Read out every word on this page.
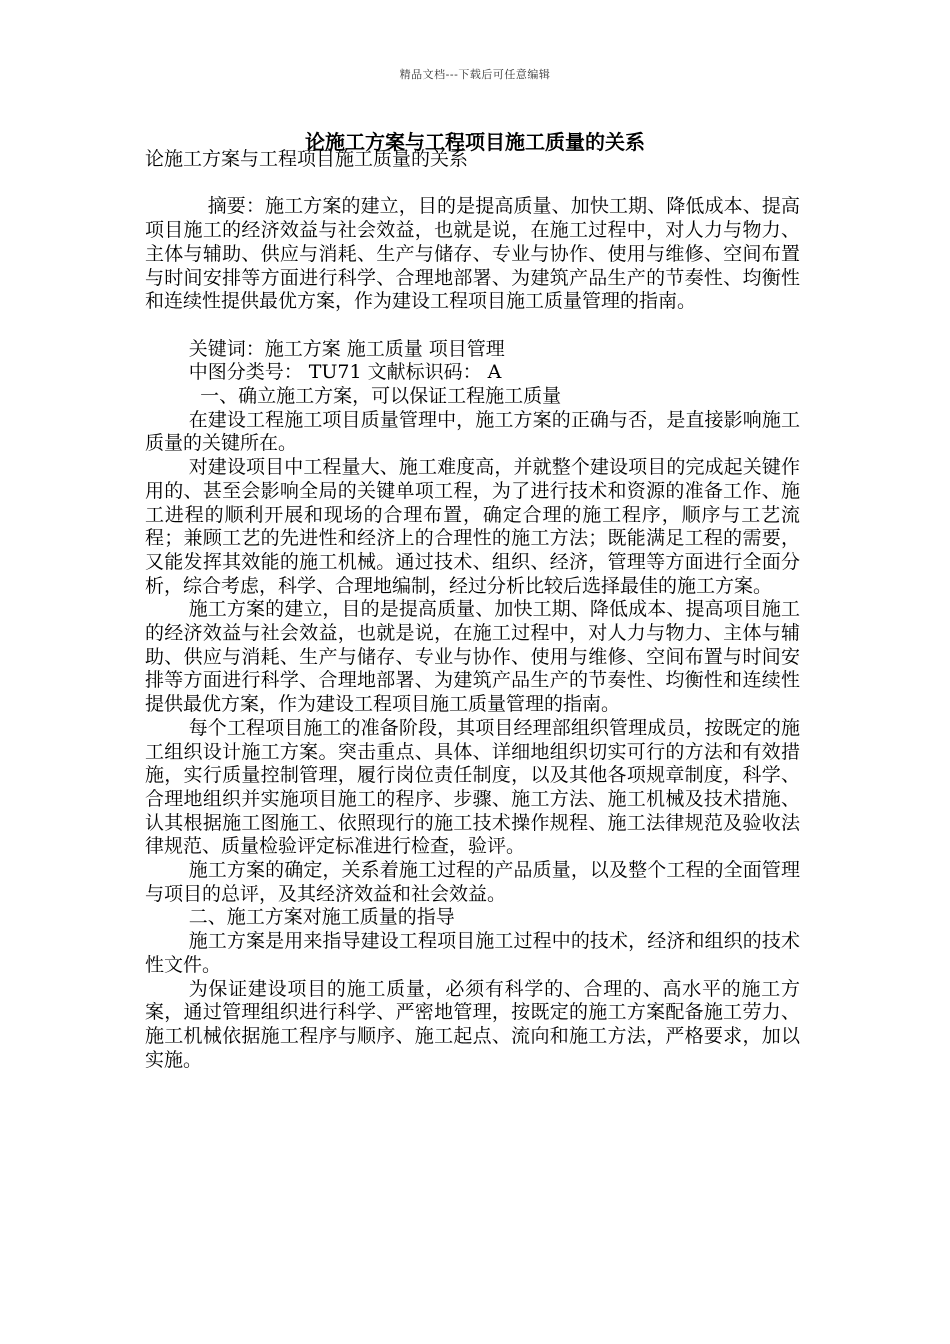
精品文档---下载后可任意编辑
论施工方案与工程项目施工质量的关系

论施工方案与工程项目施工质量的关系

摘要：施工方案的建立，目的是提高质量、加快工期、降低成本、提高项目施工的经济效益与社会效益，也就是说，在施工过程中，对人力与物力、主体与辅助、供应与消耗、生产与储存、专业与协作、使用与维修、空间布置与时间安排等方面进行科学、合理地部署、为建筑产品生产的节奏性、均衡性和连续性提供最优方案，作为建设工程项目施工质量管理的指南。

关键词：施工方案 施工质量 项目管理

中图分类号： TU71 文献标识码： A

一、确立施工方案，可以保证工程施工质量

在建设工程施工项目质量管理中，施工方案的正确与否，是直接影响施工质量的关键所在。

对建设项目中工程量大、施工难度高，并就整个建设项目的完成起关键作用的、甚至会影响全局的关键单项工程，为了进行技术和资源的准备工作、施工进程的顺利开展和现场的合理布置，确定合理的施工程序，顺序与工艺流程；兼顾工艺的先进性和经济上的合理性的施工方法；既能满足工程的需要，又能发挥其效能的施工机械。通过技术、组织、经济，管理等方面进行全面分析，综合考虑，科学、合理地编制，经过分析比较后选择最佳的施工方案。

施工方案的建立，目的是提高质量、加快工期、降低成本、提高项目施工的经济效益与社会效益，也就是说，在施工过程中，对人力与物力、主体与辅助、供应与消耗、生产与储存、专业与协作、使用与维修、空间布置与时间安排等方面进行科学、合理地部署、为建筑产品生产的节奏性、均衡性和连续性提供最优方案，作为建设工程项目施工质量管理的指南。

每个工程项目施工的准备阶段，其项目经理部组织管理成员，按既定的施工组织设计施工方案。突击重点、具体、详细地组织切实可行的方法和有效措施，实行质量控制管理，履行岗位责任制度，以及其他各项规章制度，科学、合理地组织并实施项目施工的程序、步骤、施工方法、施工机械及技术措施、认其根据施工图施工、依照现行的施工技术操作规程、施工法律规范及验收法律规范、质量检验评定标准进行检查，验评。

施工方案的确定，关系着施工过程的产品质量，以及整个工程的全面管理与项目的总评，及其经济效益和社会效益。

二、施工方案对施工质量的指导

施工方案是用来指导建设工程项目施工过程中的技术，经济和组织的技术性文件。

为保证建设项目的施工质量，必须有科学的、合理的、高水平的施工方案，通过管理组织进行科学、严密地管理，按既定的施工方案配备施工劳力、施工机械依据施工程序与顺序、施工起点、流向和施工方法，严格要求，加以实施。
